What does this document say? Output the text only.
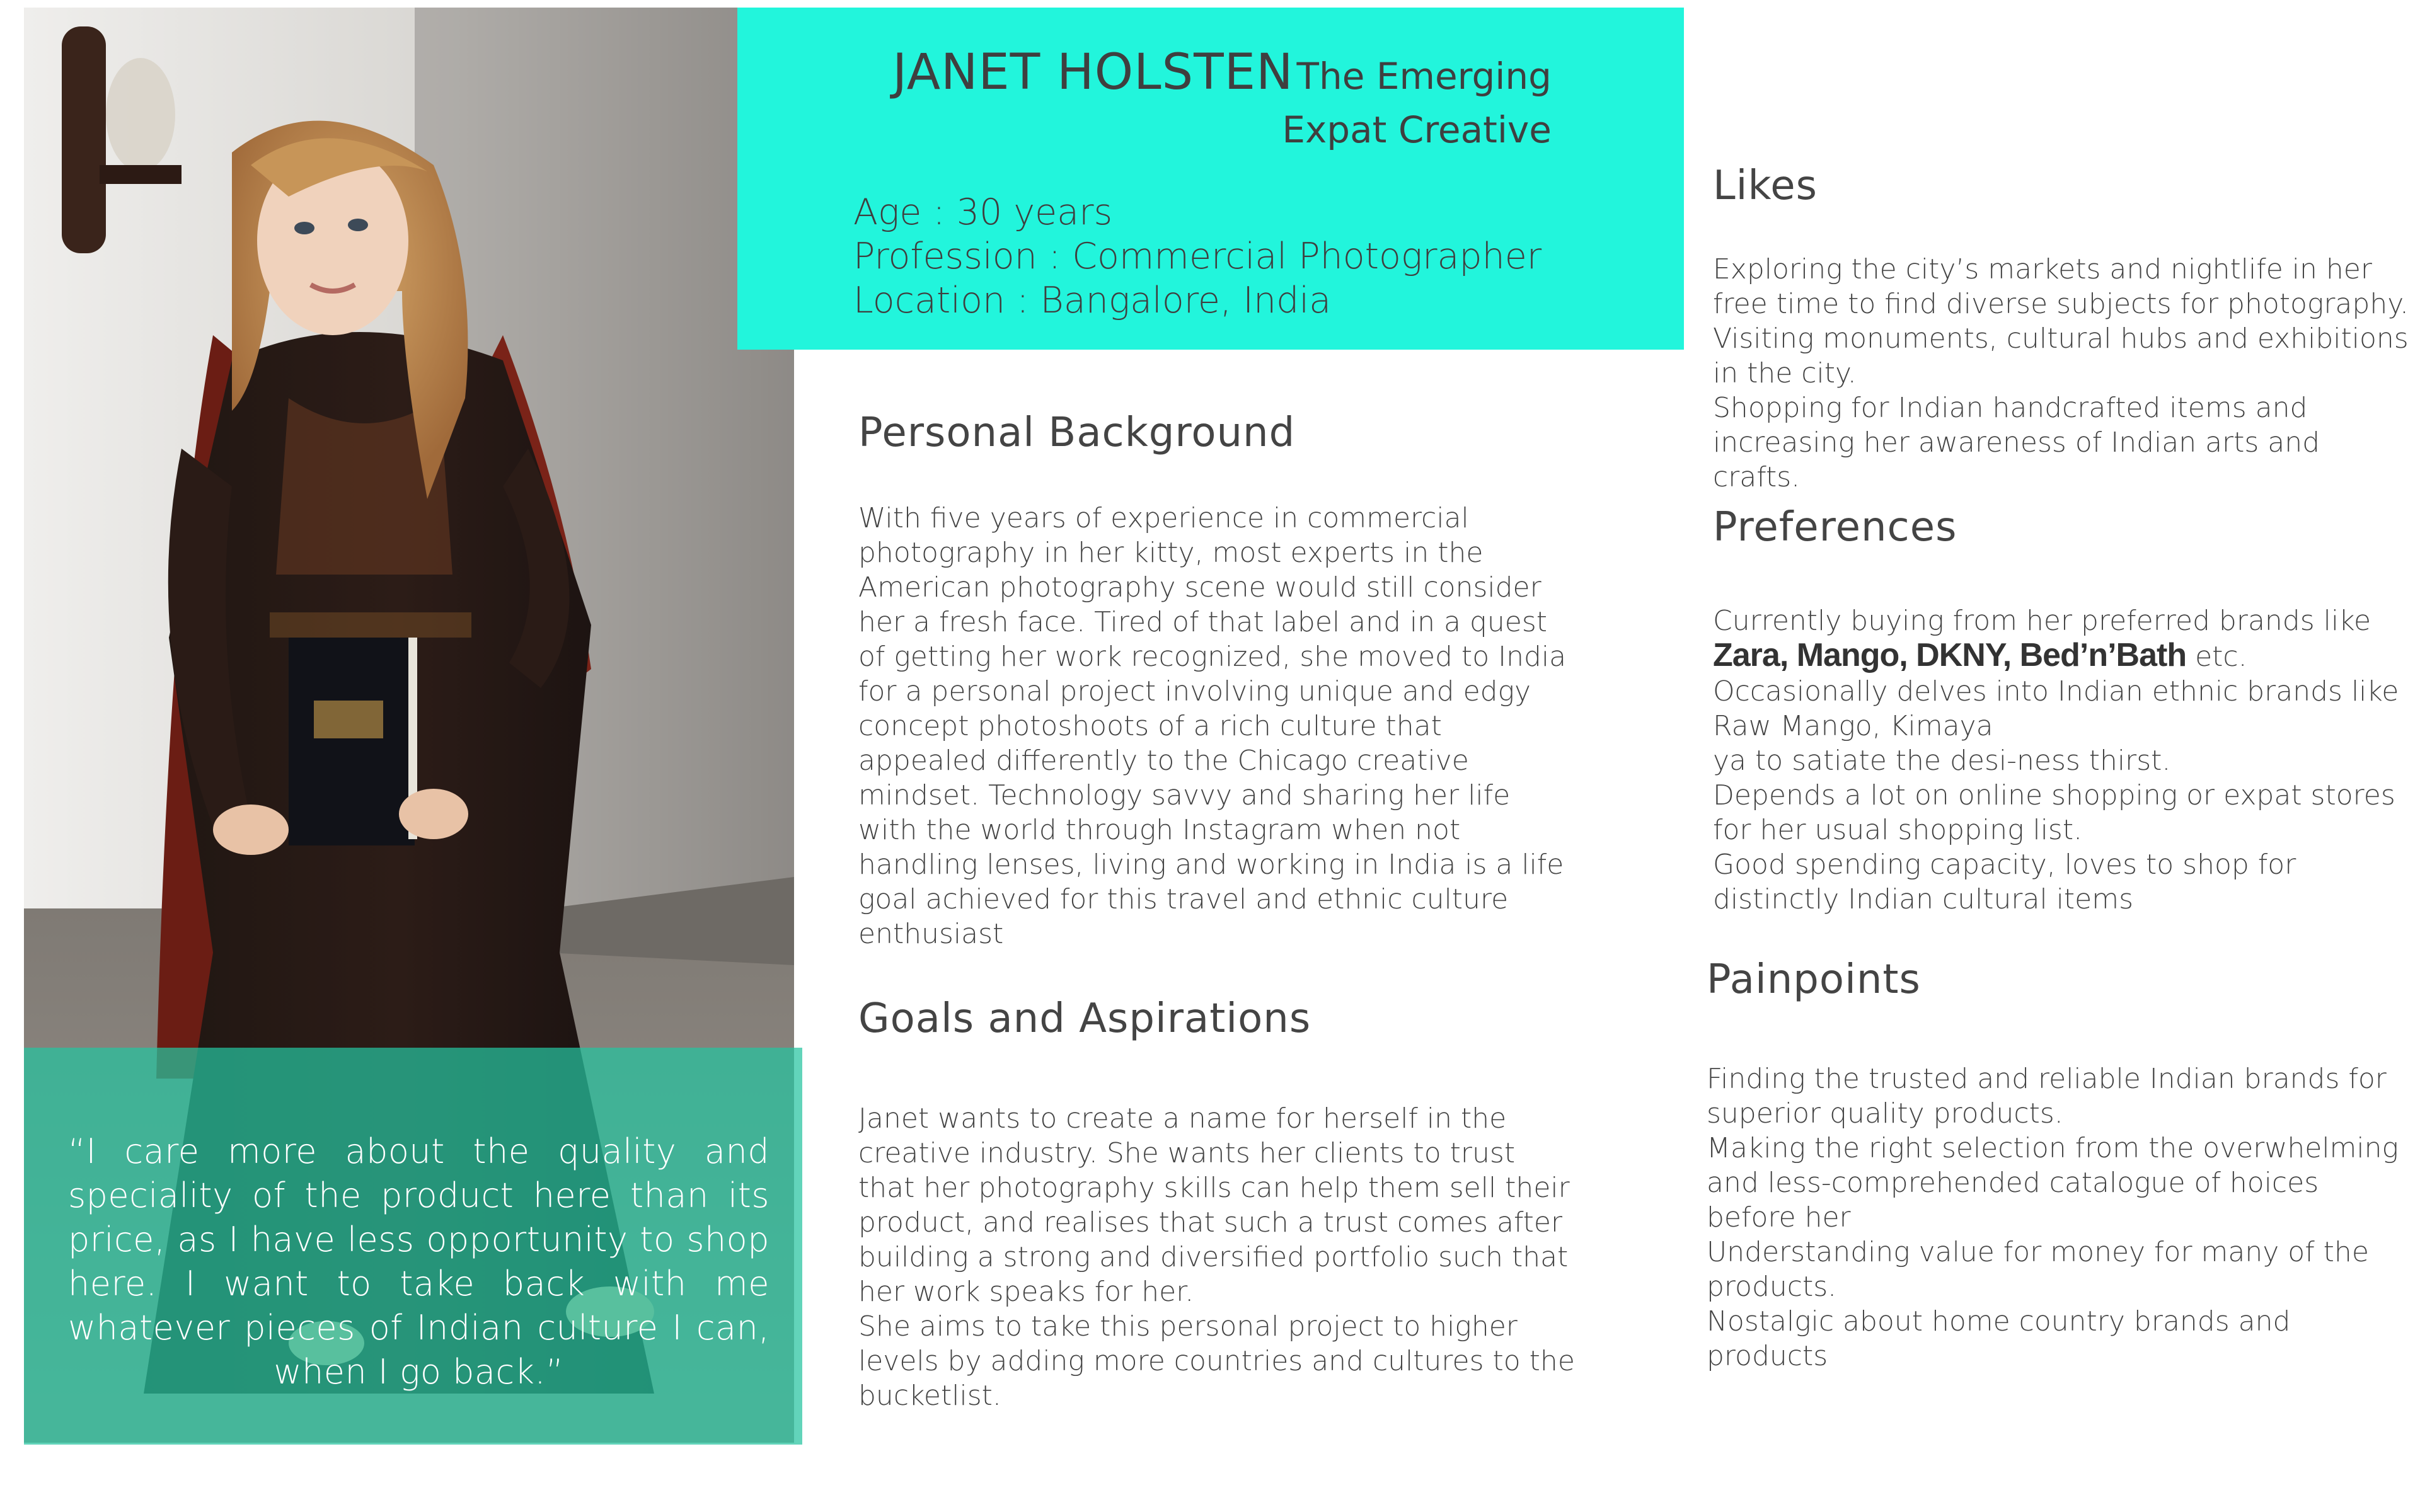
“I care more about the quality and speciality of the product here than its price, as I have less opportunity to shop here. I want to take back with me whatever pieces of Indian culture I can, when I go back.”
JANET HOLSTEN The Emerging Expat Creative
Age : 30 years
Profession : Commercial Photographer
Location : Bangalore, India
Personal Background
With five years of experience in commercial photography in her kitty, most experts in the American photography scene would still consider her a fresh face. Tired of that label and in a quest of getting her work recognized, she moved to India for a personal project involving unique and edgy concept photoshoots of a rich culture that appealed differently to the Chicago creative mindset. Technology savvy and sharing her life with the world through Instagram when not handling lenses, living and working in India is a life goal achieved for this travel and ethnic culture enthusiast
Goals and Aspirations
Janet wants to create a name for herself in the creative industry. She wants her clients to trust that her photography skills can help them sell their product, and realises that such a trust comes after building a strong and diversified portfolio such that her work speaks for her.
She aims to take this personal project to higher levels by adding more countries and cultures to the bucketlist.
Likes
Exploring the city’s markets and nightlife in her free time to find diverse subjects for photography.
Visiting monuments, cultural hubs and exhibitions in the city.
Shopping for Indian handcrafted items and increasing her awareness of Indian arts and crafts.
Preferences
Currently buying from her preferred brands like Zara, Mango, DKNY, Bed’n’Bath etc.
Occasionally delves into Indian ethnic brands like Raw Mango, Kimaya
ya to satiate the desi-ness thirst.
Depends a lot on online shopping or expat stores for her usual shopping list.
Good spending capacity, loves to shop for distinctly Indian cultural items
Painpoints
Finding the trusted and reliable Indian brands for superior quality products.
Making the right selection from the overwhelming and less-comprehended catalogue of hoices before her
Understanding value for money for many of the products.
Nostalgic about home country brands and products
